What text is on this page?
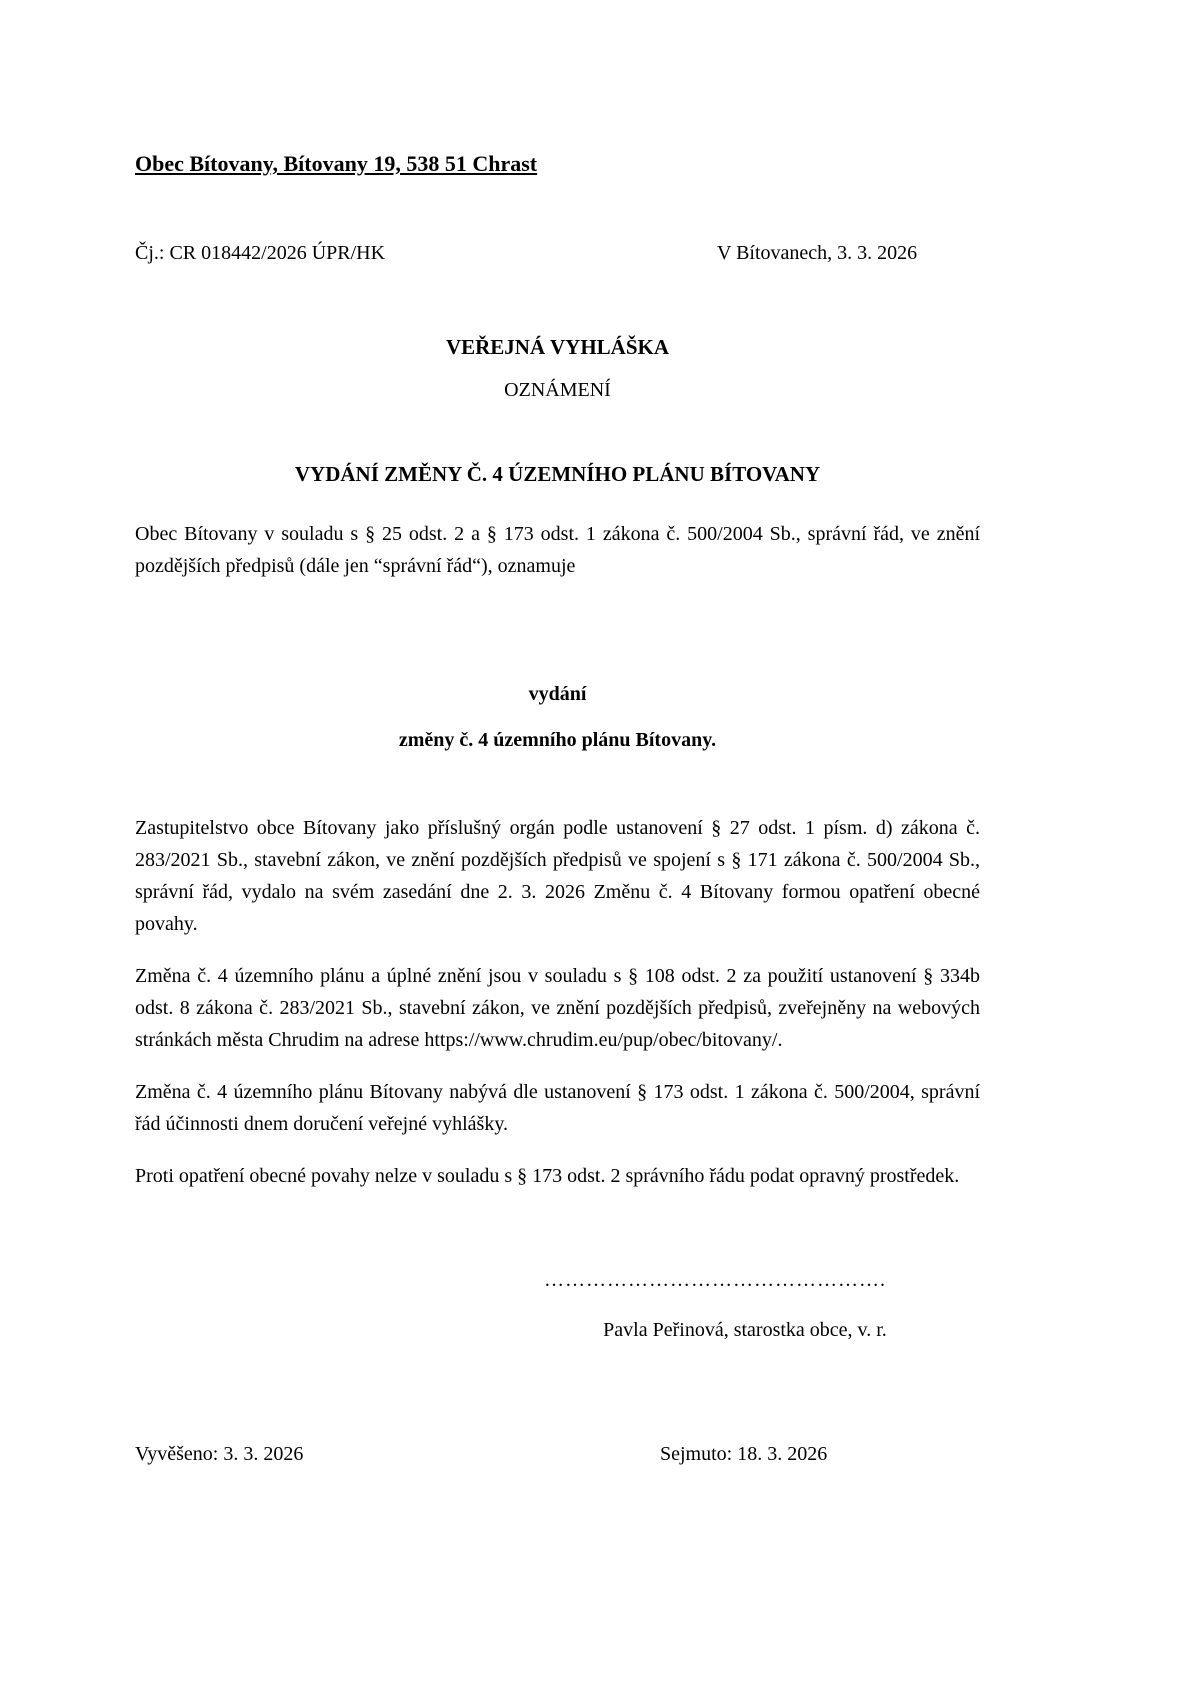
Obec Bítovany, Bítovany 19, 538 51 Chrast
Čj.: CR 018442/2026 ÚPR/HK	V Bítovanech, 3. 3. 2026
VEŘEJNÁ VYHLÁŠKA
OZNÁMENÍ
VYDÁNÍ ZMĚNY Č. 4 ÚZEMNÍHO PLÁNU BÍTOVANY

Obec Bítovany v souladu s § 25 odst. 2 a § 173 odst. 1 zákona č. 500/2004 Sb., správní řád, ve znění pozdějších předpisů (dále jen “správní řád“), oznamuje

vydání
změny č. 4 územního plánu Bítovany.

Zastupitelstvo obce Bítovany jako příslušný orgán podle ustanovení § 27 odst. 1 písm. d) zákona č. 283/2021 Sb., stavební zákon, ve znění pozdějších předpisů ve spojení s § 171 zákona č. 500/2004 Sb., správní řád, vydalo na svém zasedání dne 2. 3. 2026 Změnu č. 4 Bítovany formou opatření obecné povahy.

Změna č. 4 územního plánu a úplné znění jsou v souladu s § 108 odst. 2 za použití ustanovení § 334b odst. 8 zákona č. 283/2021 Sb., stavební zákon, ve znění pozdějších předpisů, zveřejněny na webových stránkách města Chrudim na adrese https://www.chrudim.eu/pup/obec/bitovany/.

Změna č. 4 územního plánu Bítovany nabývá dle ustanovení § 173 odst. 1 zákona č. 500/2004, správní řád účinnosti dnem doručení veřejné vyhlášky.

Proti opatření obecné povahy nelze v souladu s § 173 odst. 2 správního řádu podat opravný prostředek.

………………………………………….
Pavla Peřinová, starostka obce, v. r.
Vyvěšeno: 3. 3. 2026	Sejmuto: 18. 3. 2026
